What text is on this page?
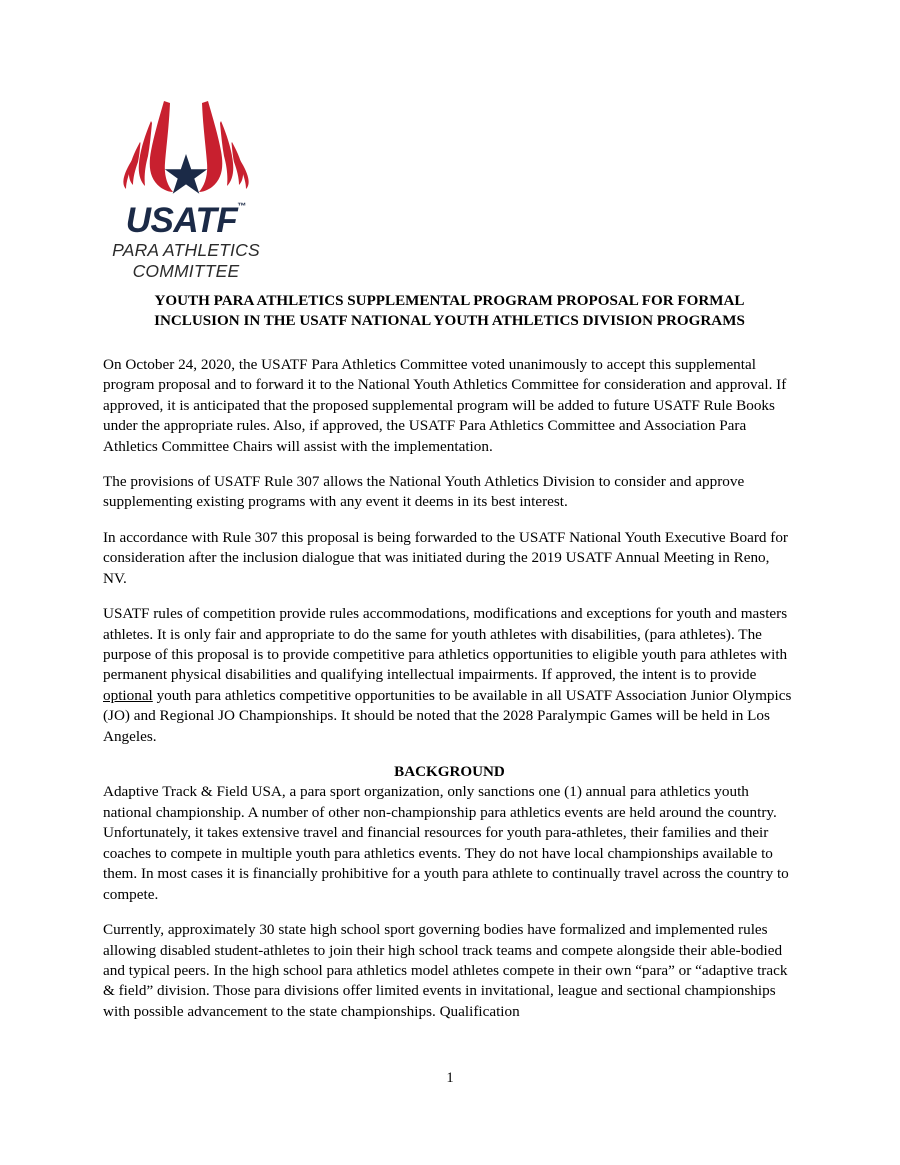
USATF™
PARA ATHLETICS
COMMITTEE
YOUTH PARA ATHLETICS SUPPLEMENTAL PROGRAM PROPOSAL FOR FORMAL INCLUSION IN THE USATF NATIONAL YOUTH ATHLETICS DIVISION PROGRAMS

On October 24, 2020, the USATF Para Athletics Committee voted unanimously to accept this supplemental program proposal and to forward it to the National Youth Athletics Committee for consideration and approval. If approved, it is anticipated that the proposed supplemental program will be added to future USATF Rule Books under the appropriate rules. Also, if approved, the USATF Para Athletics Committee and Association Para Athletics Committee Chairs will assist with the implementation.

The provisions of USATF Rule 307 allows the National Youth Athletics Division to consider and approve supplementing existing programs with any event it deems in its best interest.

In accordance with Rule 307 this proposal is being forwarded to the USATF National Youth Executive Board for consideration after the inclusion dialogue that was initiated during the 2019 USATF Annual Meeting in Reno, NV.

USATF rules of competition provide rules accommodations, modifications and exceptions for youth and masters athletes. It is only fair and appropriate to do the same for youth athletes with disabilities, (para athletes). The purpose of this proposal is to provide competitive para athletics opportunities to eligible youth para athletes with permanent physical disabilities and qualifying intellectual impairments. If approved, the intent is to provide optional youth para athletics competitive opportunities to be available in all USATF Association Junior Olympics (JO) and Regional JO Championships. It should be noted that the 2028 Paralympic Games will be held in Los Angeles.

BACKGROUND

Adaptive Track & Field USA, a para sport organization, only sanctions one (1) annual para athletics youth national championship. A number of other non-championship para athletics events are held around the country. Unfortunately, it takes extensive travel and financial resources for youth para-athletes, their families and their coaches to compete in multiple youth para athletics events. They do not have local championships available to them. In most cases it is financially prohibitive for a youth para athlete to continually travel across the country to compete.

Currently, approximately 30 state high school sport governing bodies have formalized and implemented rules allowing disabled student-athletes to join their high school track teams and compete alongside their able-bodied and typical peers. In the high school para athletics model athletes compete in their own “para” or “adaptive track & field” division. Those para divisions offer limited events in invitational, league and sectional championships with possible advancement to the state championships. Qualification

1
